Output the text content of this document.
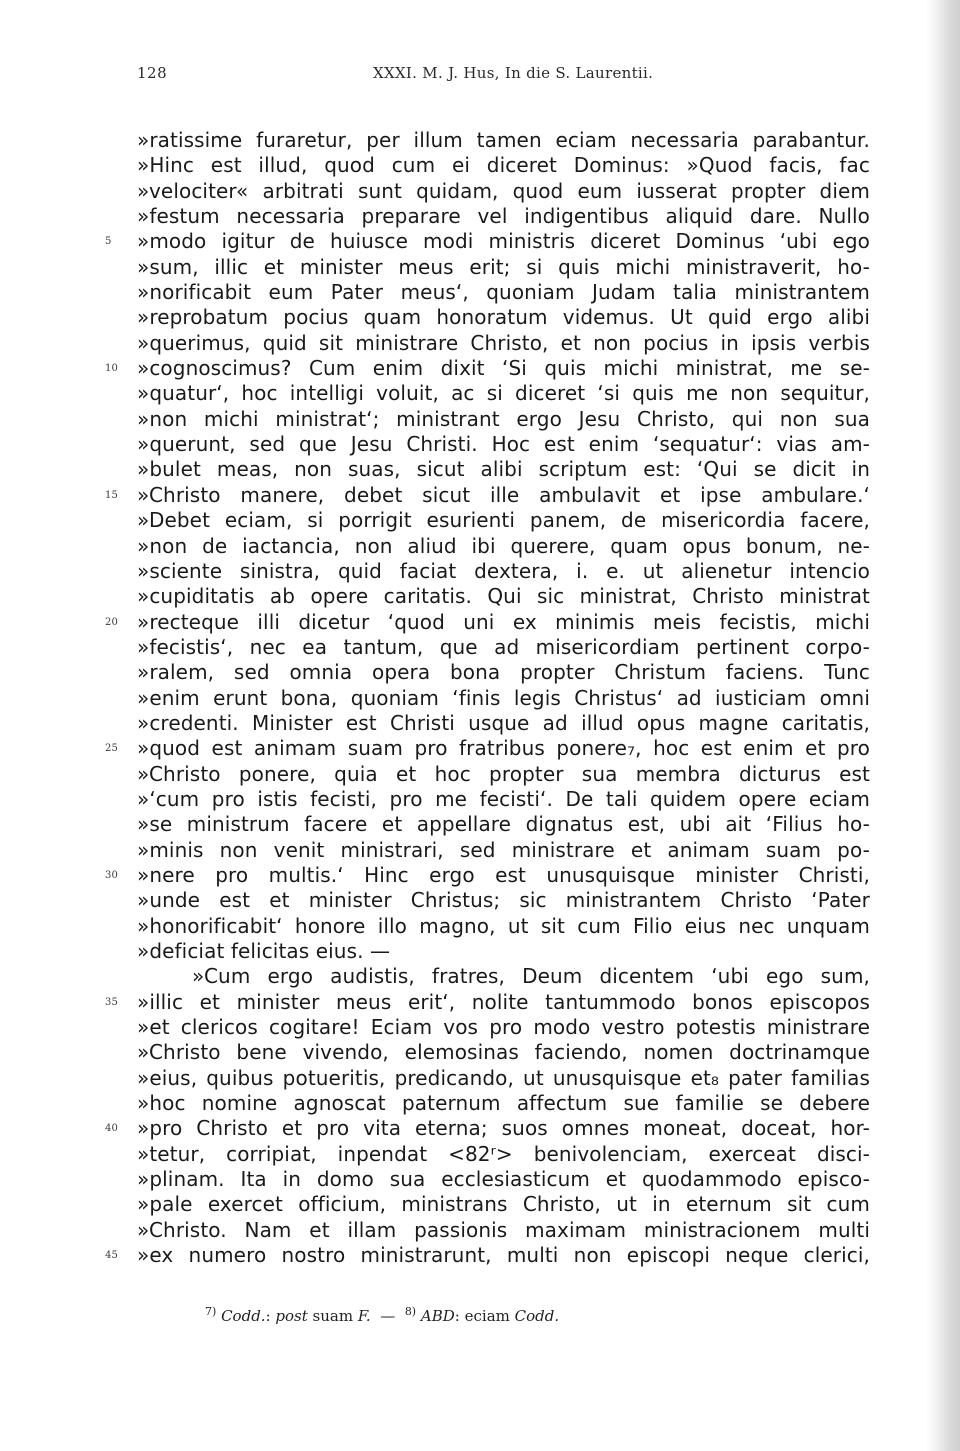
128	XXXI. M. J. Hus, In die S. Laurentii.
»ratissime furaretur, per illum tamen eciam necessaria parabantur.
»Hinc est illud, quod cum ei diceret Dominus: »Quod facis, fac
»velociter« arbitrati sunt quidam, quod eum iusserat propter diem
»festum necessaria preparare vel indigentibus aliquid dare. Nullo
»modo igitur de huiusce modi ministris diceret Dominus ‘ubi ego
5
»sum, illic et minister meus erit; si quis michi ministraverit, ho-
»norificabit eum Pater meus‘, quoniam Judam talia ministrantem
»reprobatum pocius quam honoratum videmus. Ut quid ergo alibi
»querimus, quid sit ministrare Christo, et non pocius in ipsis verbis
»cognoscimus? Cum enim dixit ‘Si quis michi ministrat, me se-
10
»quatur‘, hoc intelligi voluit, ac si diceret ‘si quis me non sequitur,
»non michi ministrat‘; ministrant ergo Jesu Christo, qui non sua
»querunt, sed que Jesu Christi. Hoc est enim ‘sequatur‘: vias am-
»bulet meas, non suas, sicut alibi scriptum est: ‘Qui se dicit in
»Christo manere, debet sicut ille ambulavit et ipse ambulare.‘
15
»Debet eciam, si porrigit esurienti panem, de misericordia facere,
»non de iactancia, non aliud ibi querere, quam opus bonum, ne-
»sciente sinistra, quid faciat dextera, i. e. ut alienetur intencio
»cupiditatis ab opere caritatis. Qui sic ministrat, Christo ministrat
»recteque illi dicetur ‘quod uni ex minimis meis fecistis, michi
20
»fecistis‘, nec ea tantum, que ad misericordiam pertinent corpo-
»ralem, sed omnia opera bona propter Christum faciens. Tunc
»enim erunt bona, quoniam ‘finis legis Christus‘ ad iusticiam omni
»credenti. Minister est Christi usque ad illud opus magne caritatis,
»quod est animam suam pro fratribus ponere₇, hoc est enim et pro
25
»Christo ponere, quia et hoc propter sua membra dicturus est
»‘cum pro istis fecisti, pro me fecisti‘. De tali quidem opere eciam
»se ministrum facere et appellare dignatus est, ubi ait ‘Filius ho-
»minis non venit ministrari, sed ministrare et animam suam po-
»nere pro multis.‘ Hinc ergo est unusquisque minister Christi,
30
»unde est et minister Christus; sic ministrantem Christo ‘Pater
»honorificabit‘ honore illo magno, ut sit cum Filio eius nec unquam
»deficiat felicitas eius. —
»Cum ergo audistis, fratres, Deum dicentem ‘ubi ego sum,
»illic et minister meus erit‘, nolite tantummodo bonos episcopos
35
»et clericos cogitare! Eciam vos pro modo vestro potestis ministrare
»Christo bene vivendo, elemosinas faciendo, nomen doctrinamque
»eius, quibus potueritis, predicando, ut unusquisque et₈ pater familias
»hoc nomine agnoscat paternum affectum sue familie se debere
»pro Christo et pro vita eterna; suos omnes moneat, doceat, hor-
40
»tetur, corripiat, inpendat <82ʳ> benivolenciam, exerceat disci-
»plinam. Ita in domo sua ecclesiasticum et quodammodo episco-
»pale exercet officium, ministrans Christo, ut in eternum sit cum
»Christo. Nam et illam passionis maximam ministracionem multi
»ex numero nostro ministrarunt, multi non episcopi neque clerici,
45
$^{7)}$ Codd.: post suam F. — $^{8)}$ ABD: eciam Codd.
